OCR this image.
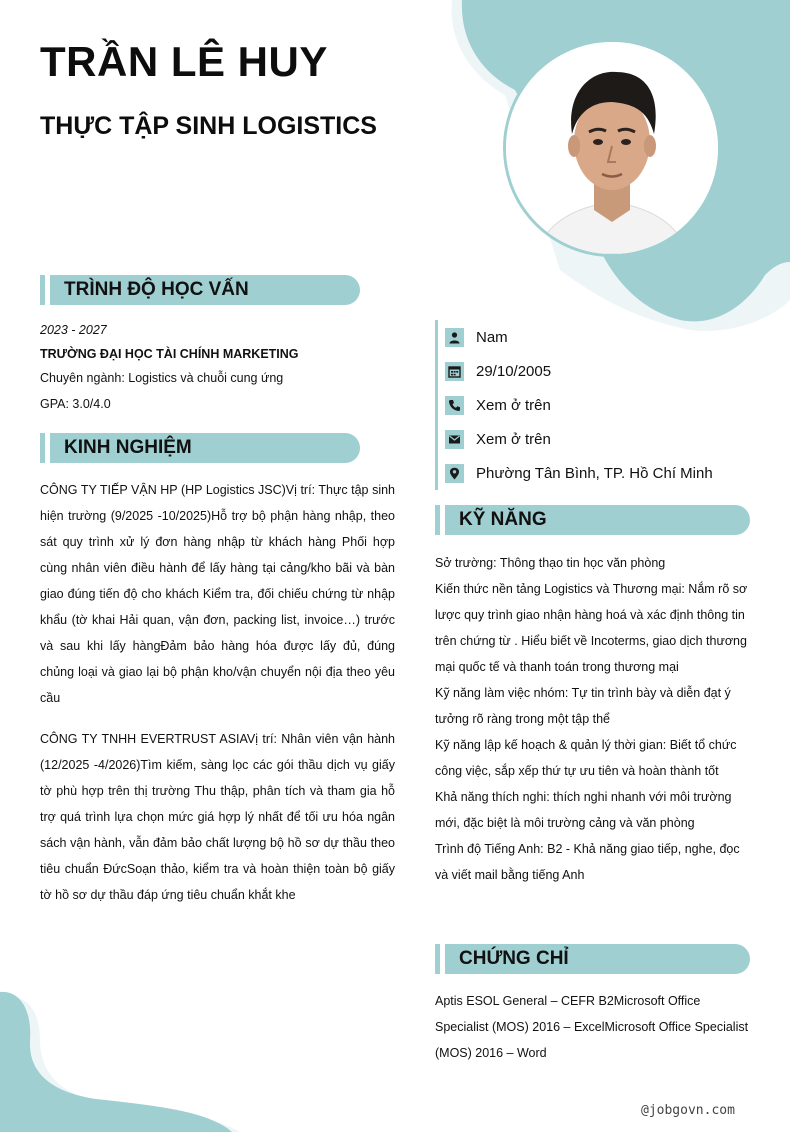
TRẦN LÊ HUY
THỰC TẬP SINH LOGISTICS
TRÌNH ĐỘ HỌC VẤN
2023 - 2027
TRƯỜNG ĐẠI HỌC TÀI CHÍNH MARKETING
Chuyên ngành: Logistics và chuỗi cung ứng
GPA: 3.0/4.0
KINH NGHIỆM

CÔNG TY TIẾP VẬN HP (HP Logistics JSC)Vị trí: Thực tập sinh hiện trường (9/2025 -10/2025)Hỗ trợ bộ phận hàng nhập, theo sát quy trình xử lý đơn hàng nhập từ khách hàng Phối hợp cùng nhân viên điều hành để lấy hàng tại cảng/kho bãi và bàn giao đúng tiến độ cho khách Kiểm tra, đối chiếu chứng từ nhập khẩu (tờ khai Hải quan, vận đơn, packing list, invoice…) trước và sau khi lấy hàngĐảm bảo hàng hóa được lấy đủ, đúng chủng loại và giao lại bộ phận kho/vận chuyển nội địa theo yêu cầu

CÔNG TY TNHH EVERTRUST ASIAVị trí: Nhân viên vận hành (12/2025 -4/2026)Tìm kiếm, sàng lọc các gói thầu dịch vụ giấy tờ phù hợp trên thị trường Thu thập, phân tích và tham gia hỗ trợ quá trình lựa chọn mức giá hợp lý nhất để tối ưu hóa ngân sách vận hành, vẫn đảm bảo chất lượng bộ hồ sơ dự thầu theo tiêu chuẩn ĐứcSoạn thảo, kiểm tra và hoàn thiện toàn bộ giấy tờ hồ sơ dự thầu đáp ứng tiêu chuẩn khắt khe

Nam
29/10/2005
Xem ở trên
Xem ở trên
Phường Tân Bình, TP. Hồ Chí Minh
KỸ NĂNG
Sở trường: Thông thạo tin học văn phòng
Kiến thức nền tảng Logistics và Thương mại: Nắm rõ sơ lược quy trình giao nhận hàng hoá và xác định thông tin trên chứng từ . Hiểu biết về Incoterms, giao dịch thương mại quốc tế và thanh toán trong thương mại
Kỹ năng làm việc nhóm: Tự tin trình bày và diễn đạt ý tưởng rõ ràng trong một tập thể
Kỹ năng lập kế hoạch & quản lý thời gian: Biết tổ chức công việc, sắp xếp thứ tự ưu tiên và hoàn thành tốt
Khả năng thích nghi: thích nghi nhanh với môi trường mới, đặc biệt là môi trường cảng và văn phòng
Trình độ Tiếng Anh: B2 - Khả năng giao tiếp, nghe, đọc và viết mail bằng tiếng Anh
CHỨNG CHỈ

Aptis ESOL General – CEFR B2Microsoft Office Specialist (MOS) 2016 – ExcelMicrosoft Office Specialist (MOS) 2016 – Word

@jobgovn.com
